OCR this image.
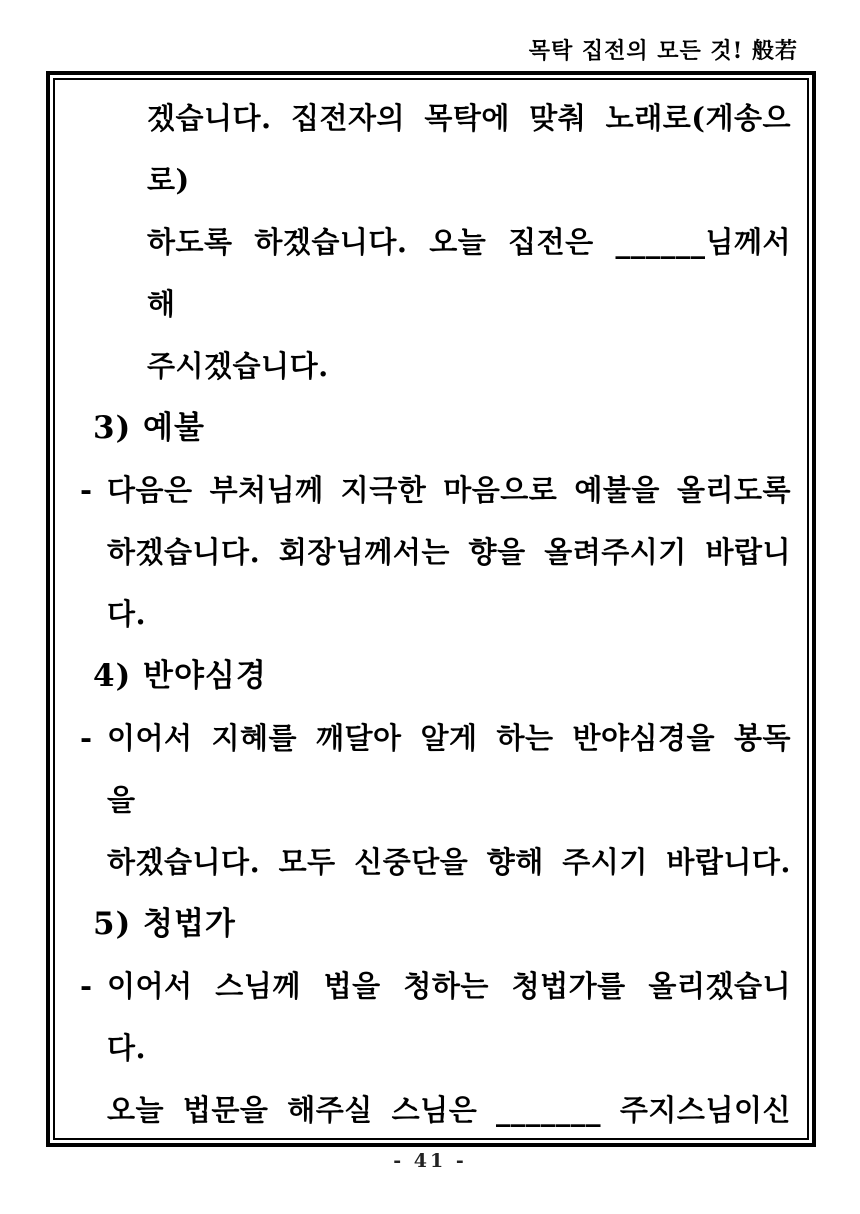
목탁 집전의 모든 것! 般若
겠습니다. 집전자의 목탁에 맞춰 노래로(게송으로)
하도록 하겠습니다. 오늘 집전은 ______님께서 해
주시겠습니다.
3) 예불
- 다음은 부처님께 지극한 마음으로 예불을 올리도록
하겠습니다. 회장님께서는 향을 올려주시기 바랍니다.
4) 반야심경
- 이어서 지혜를 깨달아 알게 하는 반야심경을 봉독을
하겠습니다. 모두 신중단을 향해 주시기 바랍니다.
5) 청법가
- 이어서 스님께 법을 청하는 청법가를 올리겠습니다.
오늘 법문을 해주실 스님은 _______ 주지스님이신
- 41 -
